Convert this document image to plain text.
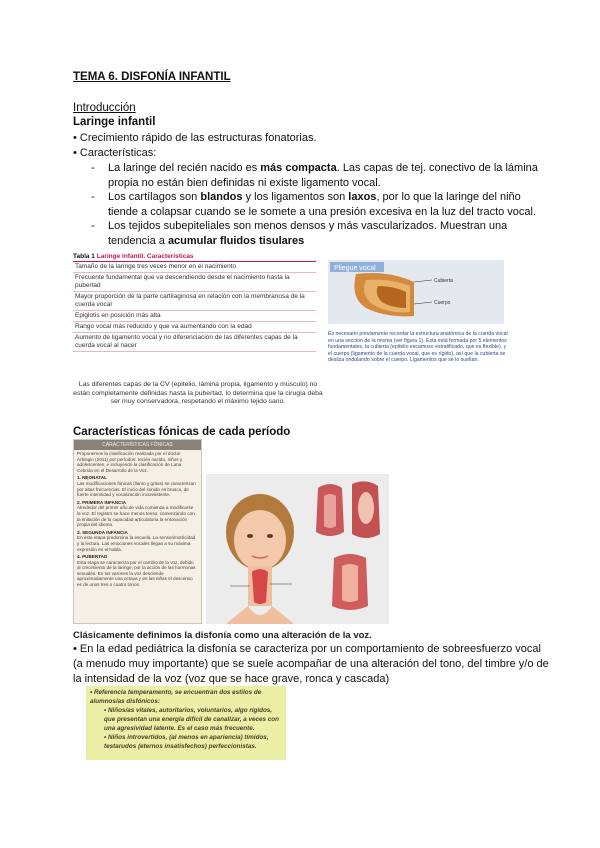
TEMA 6. DISFONÍA INFANTIL
Introducción
Laringe infantil
• Crecimiento rápido de las estructuras fonatorias.
• Características:
- La laringe del recién nacido es más compacta. Las capas de tej. conectivo de la lámina propia no están bien definidas ni existe ligamento vocal.
- Los cartílagos son blandos y los ligamentos son laxos, por lo que la laringe del niño tiende a colapsar cuando se le somete a una presión excesiva en la luz del tracto vocal.
- Los tejidos subepiteliales son menos densos y más vascularizados. Muestran una tendencia a acumular fluidos tisulares
Tabla 1 Laringe infantil. Características
Tamaño de la laringe tres veces menor en el nacimiento
Frecuente fundamental que va descendiendo desde el nacimiento hasta la pubertad
Mayor proporción de la parte cartilaginosa en relación con la membranosa de la cuerda vocal
Epiglotis en posición más alta
Rango vocal más reducido y que va aumentando con la edad
Aumento de ligamento vocal y no diferenciación de las diferentes capas de la cuerda vocal al nacer
Pliegue vocal
Cubierta
Cuerpo
Es necesario previamente recordar la estructura anatómica de la cuerda vocal en una sección de la misma (ver figura 1). Esta está formada por 5 elementos fundamentales, la cubierta (epitelio escamoso estratificado, que es flexible), y el cuerpo (ligamento de la cuerda vocal, que es rígido), así que la cubierta se desliza ondulando sobre el cuerpo. Ligamentos que se lo sueltan.
Las diferentes capas de la CV (epitelio, lámina propia, ligamento y músculo) no están completamente definidas hasta la pubertad, lo determina que la cirugía deba ser muy conservadora, respetando el máximo tejido sano.
Características fónicas de cada período
CARACTERÍSTICAS FÓNICAS
Proponemos la clasificación realizada por el doctor Arbiagio (2011) por períodos: recién nacido, niños y adolescentes, e incluyendo la clasificación de Lana Cebrián en el Desarrollo de la Voz.
1. NEONATAL
Las modificaciones fónicas (llanto y gritos) se caracterizan por altas frecuencias. El inicio del sonido es brusco, de fuerte intensidad y vocalización inconsistente.
2. PRIMERA INFANCIA
Alrededor del primer año de vida comienza a modificarse la voz. El registro se hace menos tenso, comenzando con la imitación de la capacidad articulatoria la entonación propia del idioma.
3. SEGUNDA INFANCIA
En esta etapa predomina la escuela. La sensorimotricidad y la lectura. Las emociones vocales llegan a su máxima expresión en el habla.
4. PUBERTAD
Esta etapa se caracteriza por el cambio de la voz, debido al crecimiento de la laringe, por la acción de las hormonas sexuales. En los varones la voz desciende aproximadamente una octava y en las niñas el descenso es de unos tres o cuatro tonos.
Clásicamente definimos la disfonía como una alteración de la voz.
• En la edad pediátrica la disfonía se caracteriza por un comportamiento de sobreesfuerzo vocal (a menudo muy importante) que se suele acompañar de una alteración del tono, del timbre y/o de la intensidad de la voz (voz que se hace grave, ronca y cascada)

• Referencia temperamento, se encuentran dos estilos de alumnos/as disfónicos:

• Niños/as vitales, autoritarios, voluntarios, algo rígidos, que presentan una energía difícil de canalizar, a veces con una agresividad latente. Es el caso más frecuente.

• Niños introvertidos, (al menos en apariencia) tímidos, testarudos (eternos insatisfechos) perfeccionistas.
